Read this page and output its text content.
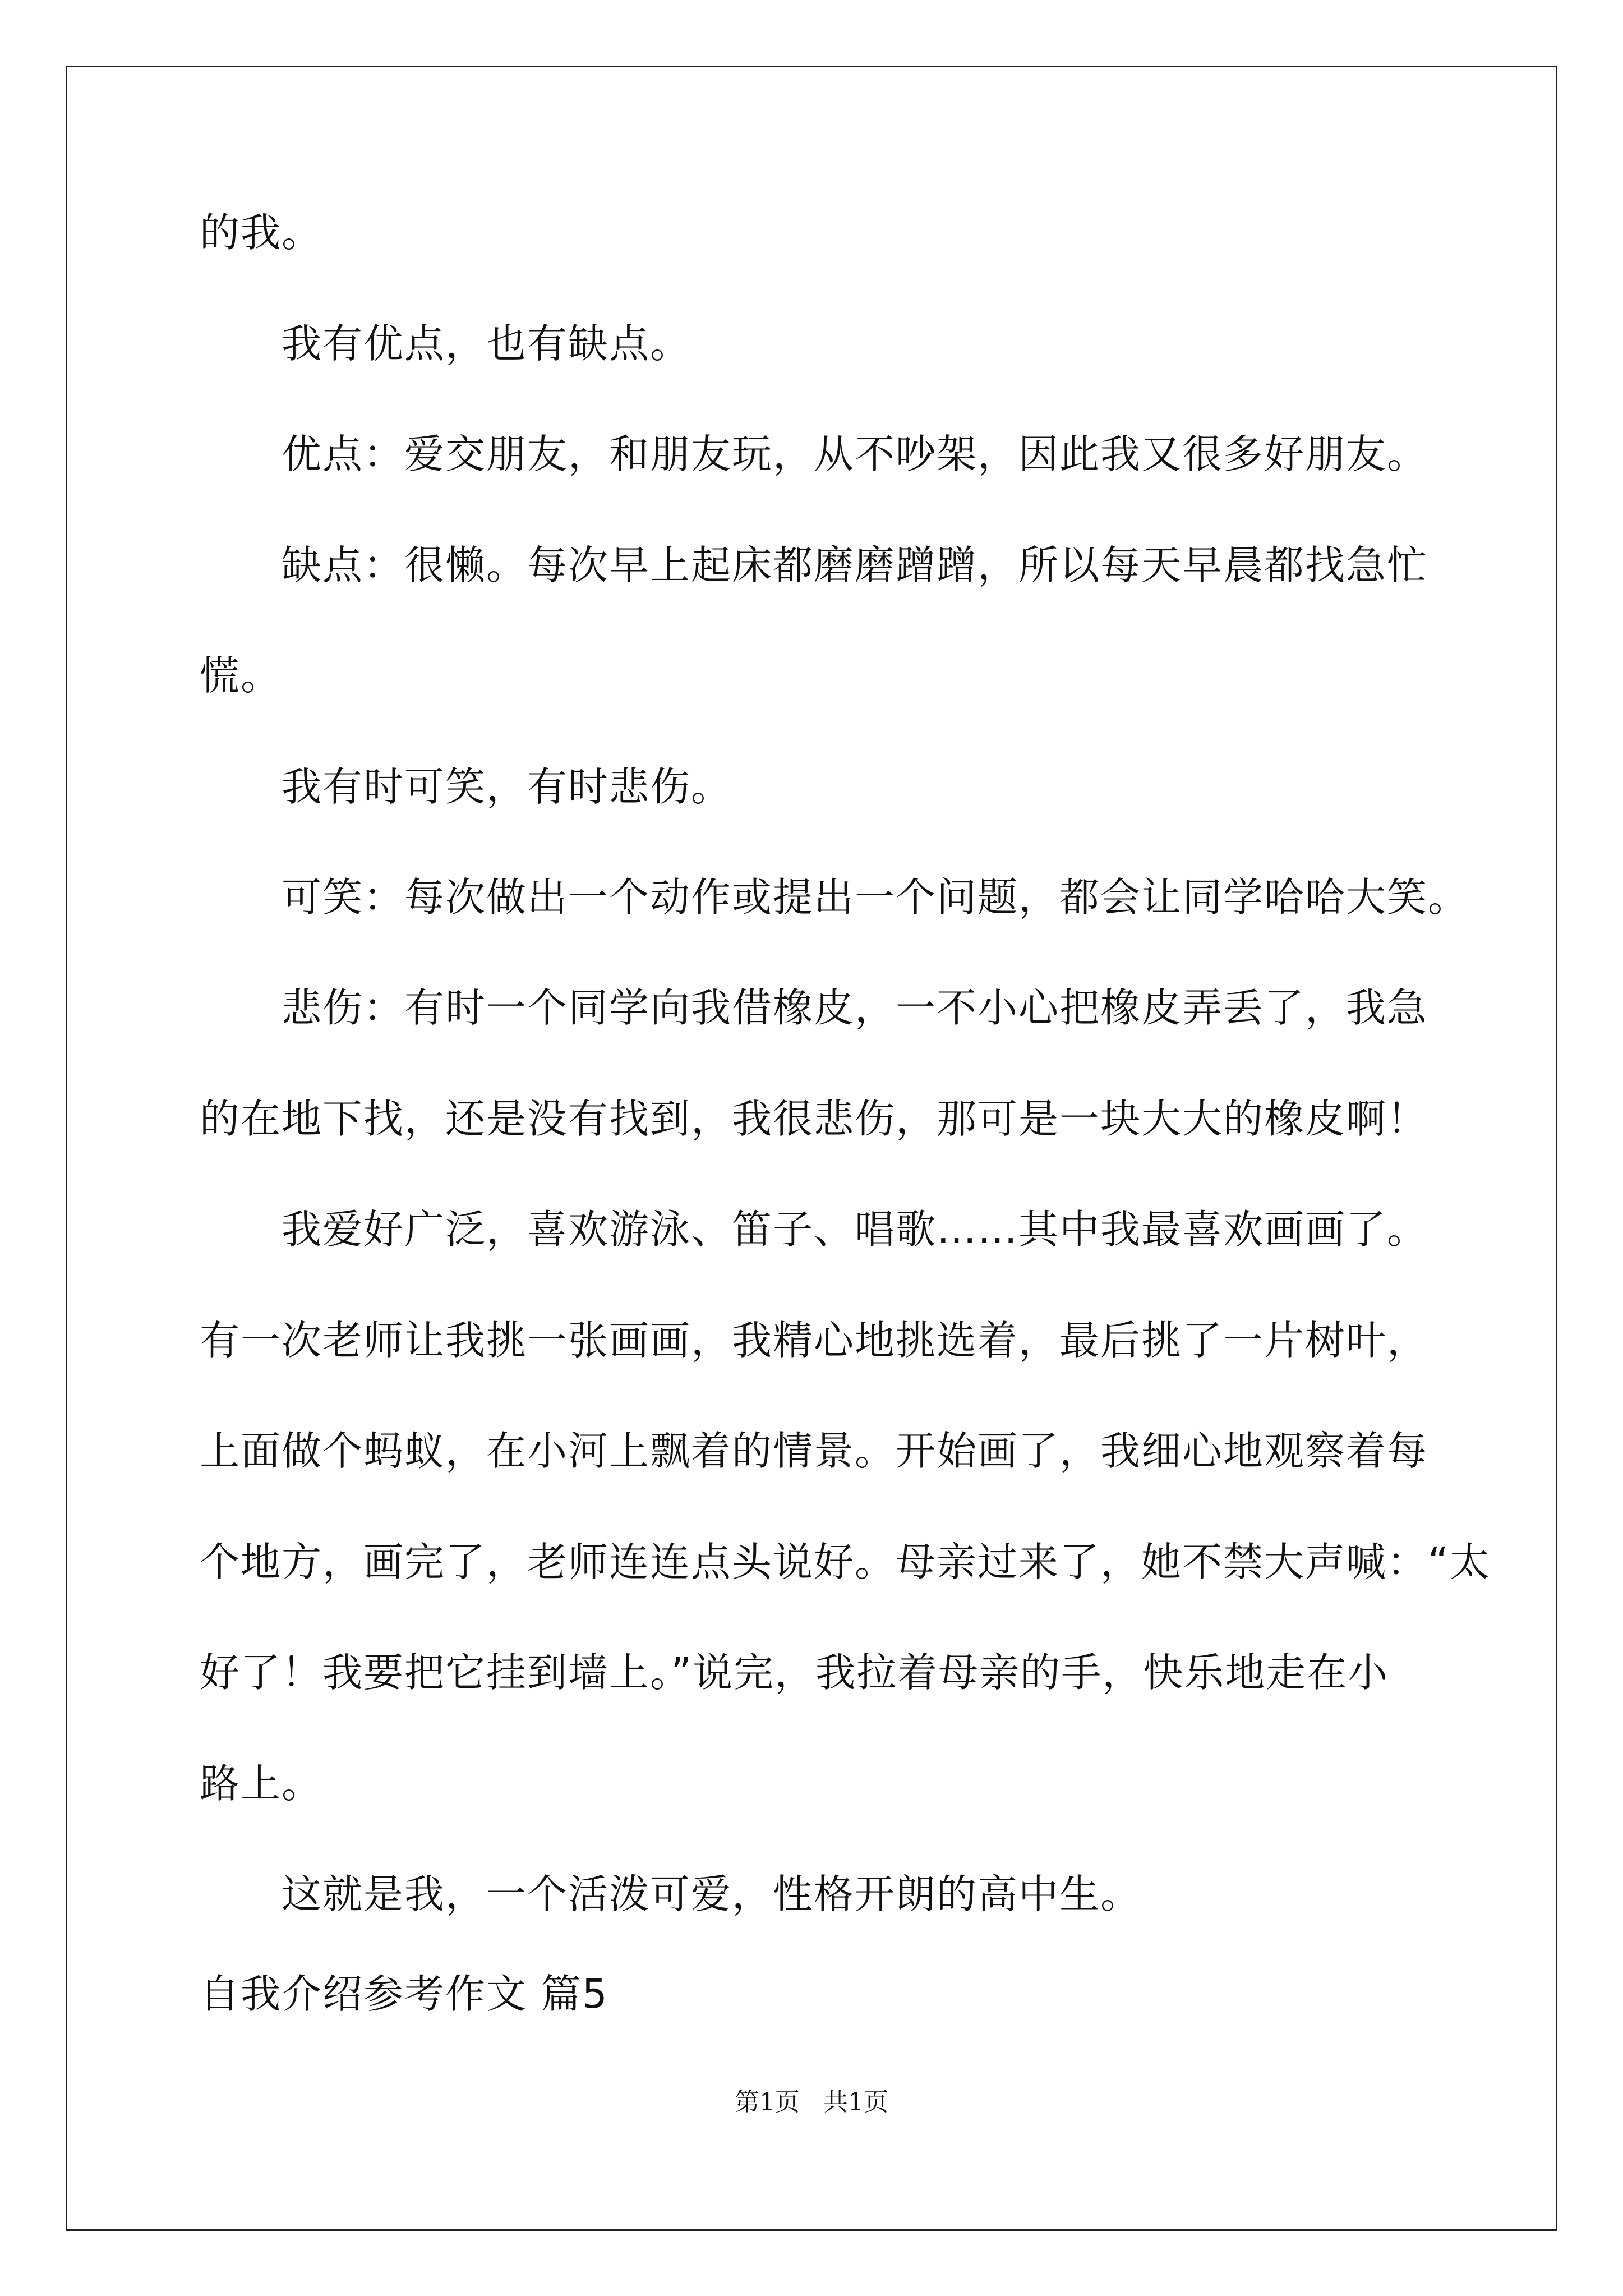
的我。
我有优点，也有缺点。
优点：爱交朋友，和朋友玩，从不吵架，因此我又很多好朋友。
缺点：很懒。每次早上起床都磨磨蹭蹭，所以每天早晨都找急忙
慌。
我有时可笑，有时悲伤。
可笑：每次做出一个动作或提出一个问题，都会让同学哈哈大笑。
悲伤：有时一个同学向我借橡皮，一不小心把橡皮弄丢了，我急
的在地下找，还是没有找到，我很悲伤，那可是一块大大的橡皮啊！
我爱好广泛，喜欢游泳、笛子、唱歌……其中我最喜欢画画了。
有一次老师让我挑一张画画，我精心地挑选着，最后挑了一片树叶，
上面做个蚂蚁，在小河上飘着的情景。开始画了，我细心地观察着每
个地方，画完了，老师连连点头说好。母亲过来了，她不禁大声喊：“太
好了！我要把它挂到墙上。”说完，我拉着母亲的手，快乐地走在小
路上。
这就是我，一个活泼可爱，性格开朗的高中生。
自我介绍参考作文 篇5
第1页   共1页
